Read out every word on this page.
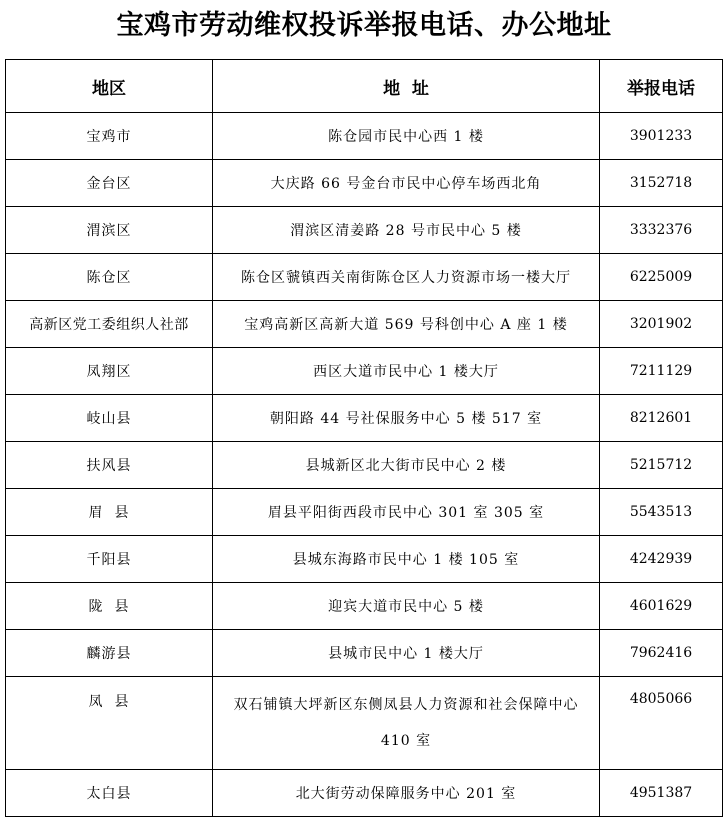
宝鸡市劳动维权投诉举报电话、办公地址
地区	地  址	举报电话
宝鸡市	陈仓园市民中心西 1 楼	3901233
金台区	大庆路 66 号金台市民中心停车场西北角	3152718
渭滨区	渭滨区清姜路 28 号市民中心 5 楼	3332376
陈仓区	陈仓区虢镇西关南街陈仓区人力资源市场一楼大厅	6225009
高新区党工委组织人社部	宝鸡高新区高新大道 569 号科创中心 A 座 1 楼	3201902
凤翔区	西区大道市民中心 1 楼大厅	7211129
岐山县	朝阳路 44 号社保服务中心 5 楼 517 室	8212601
扶风县	县城新区北大街市民中心 2 楼	5215712
眉  县	眉县平阳街西段市民中心 301 室 305 室	5543513
千阳县	县城东海路市民中心 1 楼 105 室	4242939
陇  县	迎宾大道市民中心 5 楼	4601629
麟游县	县城市民中心 1 楼大厅	7962416
凤  县	双石铺镇大坪新区东侧凤县人力资源和社会保障中心 410 室	4805066
太白县	北大街劳动保障服务中心 201 室	4951387
